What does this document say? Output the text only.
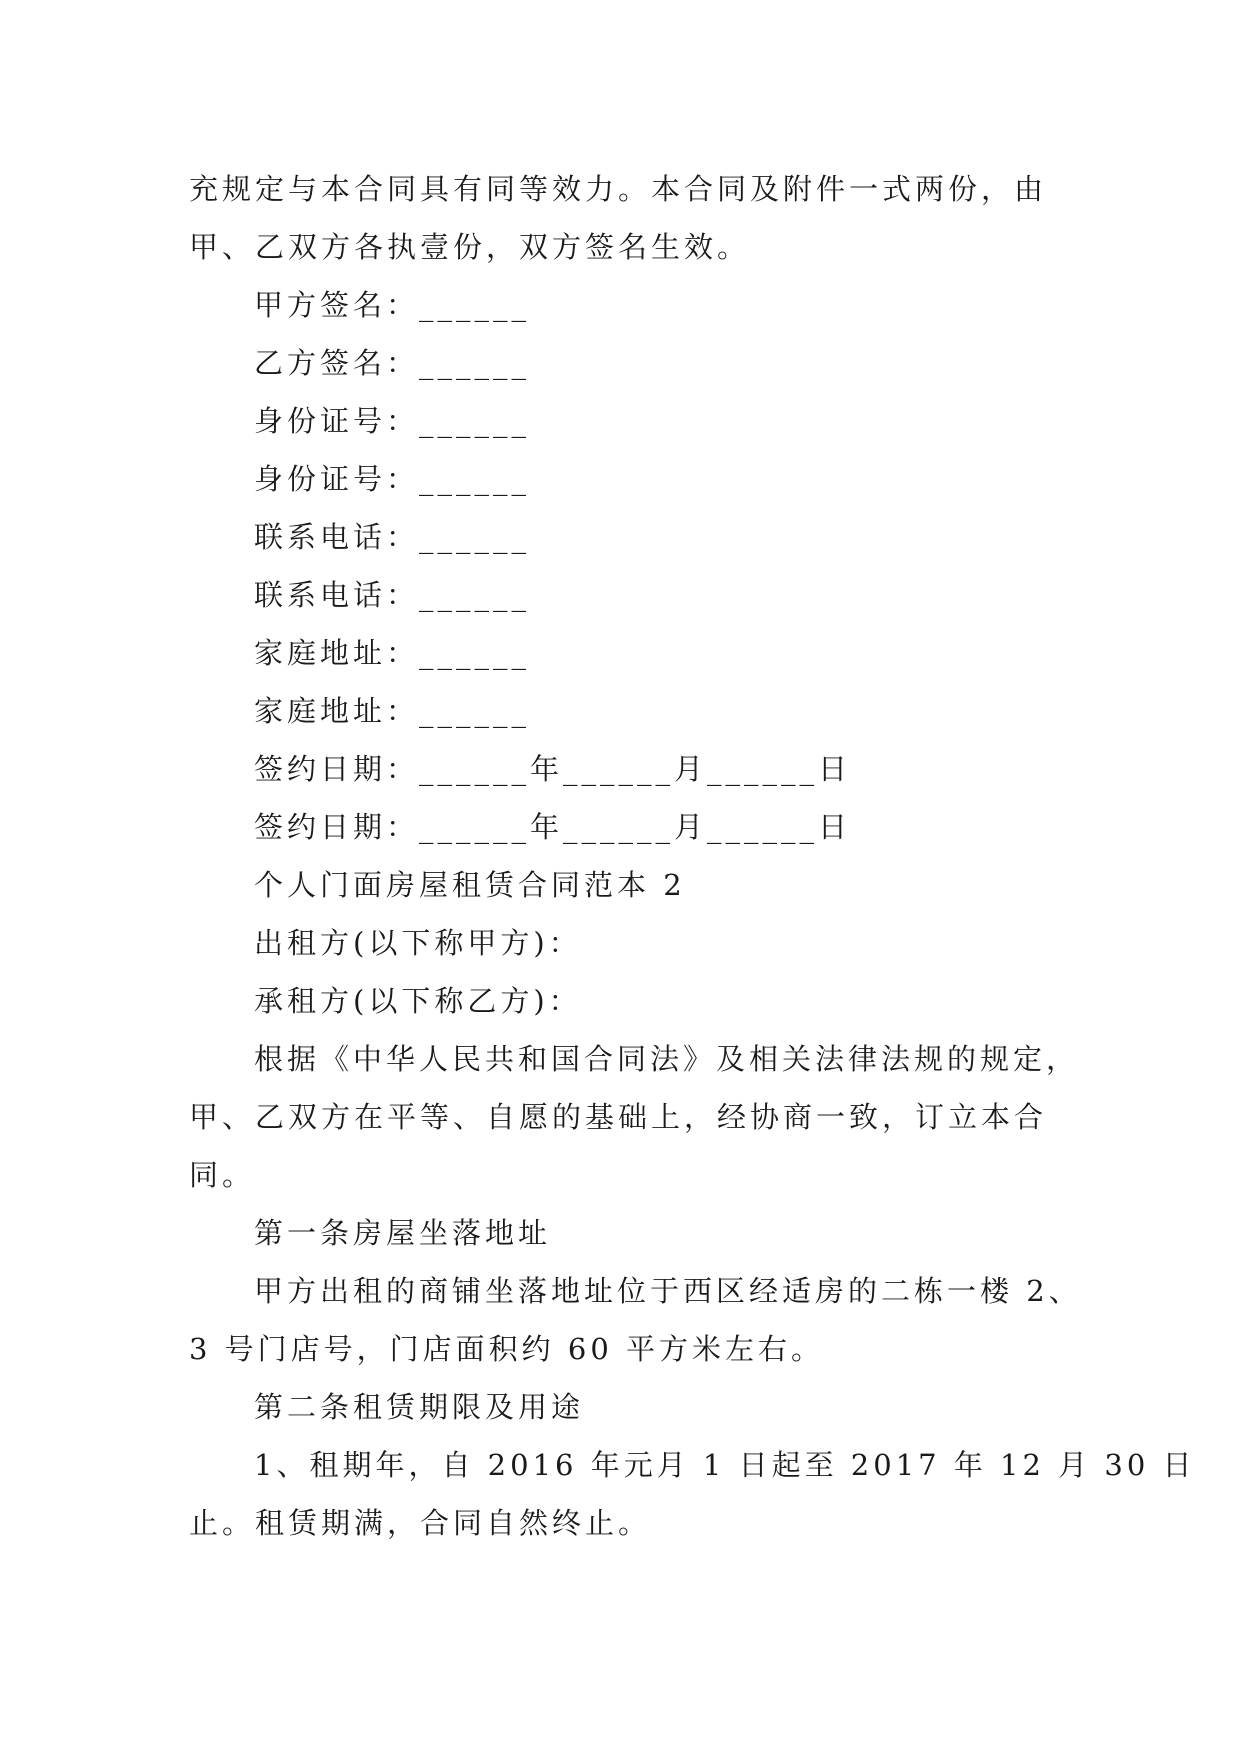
充规定与本合同具有同等效力。本合同及附件一式两份，由
甲、乙双方各执壹份，双方签名生效。
甲方签名：______
乙方签名：______
身份证号：______
身份证号：______
联系电话：______
联系电话：______
家庭地址：______
家庭地址：______
签约日期：______年______月______日
签约日期：______年______月______日
个人门面房屋租赁合同范本 2
出租方(以下称甲方)：
承租方(以下称乙方)：
根据《中华人民共和国合同法》及相关法律法规的规定，
甲、乙双方在平等、自愿的基础上，经协商一致，订立本合
同。
第一条房屋坐落地址
甲方出租的商铺坐落地址位于西区经适房的二栋一楼 2、
3 号门店号，门店面积约 60 平方米左右。
第二条租赁期限及用途
1、租期年，自 2016 年元月 1 日起至 2017 年 12 月 30 日
止。租赁期满，合同自然终止。
